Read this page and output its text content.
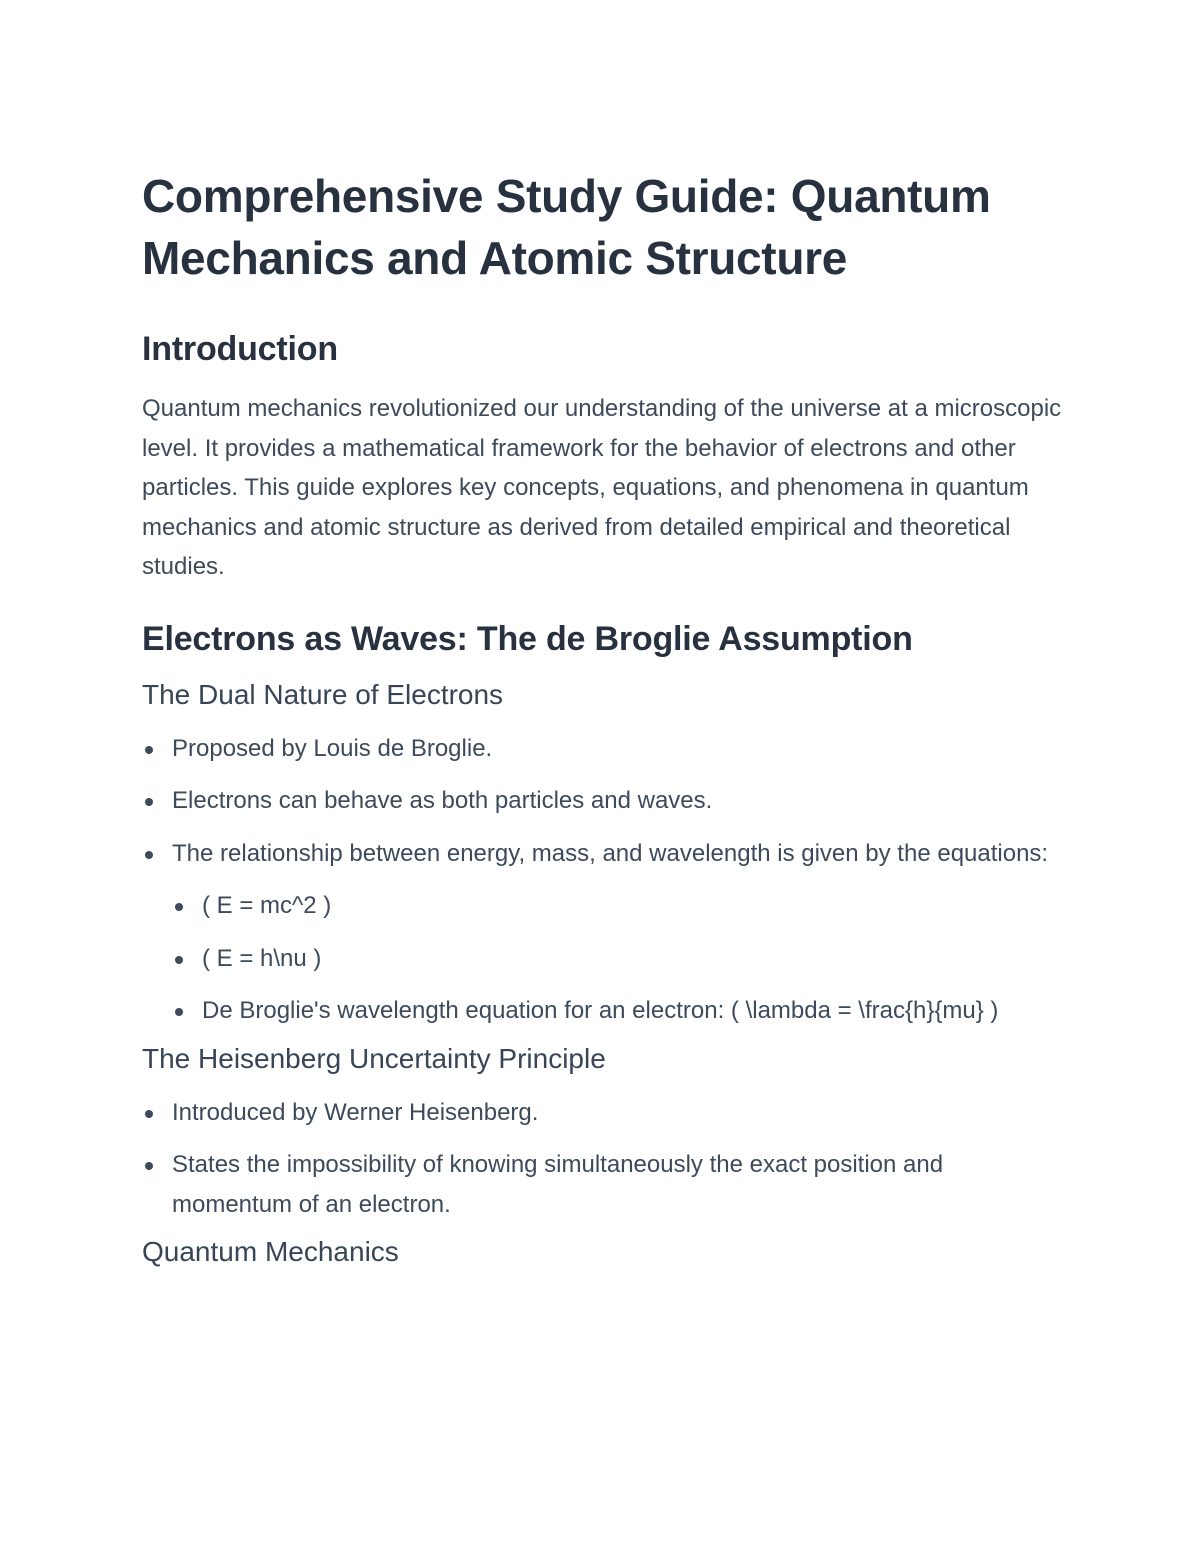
Comprehensive Study Guide: Quantum Mechanics and Atomic Structure
Introduction

Quantum mechanics revolutionized our understanding of the universe at a microscopic level. It provides a mathematical framework for the behavior of electrons and other particles. This guide explores key concepts, equations, and phenomena in quantum mechanics and atomic structure as derived from detailed empirical and theoretical studies.

Electrons as Waves: The de Broglie Assumption
The Dual Nature of Electrons
Proposed by Louis de Broglie.
Electrons can behave as both particles and waves.
The relationship between energy, mass, and wavelength is given by the equations:
( E = mc^2 )
( E = h\nu )
De Broglie's wavelength equation for an electron: ( \lambda = \frac{h}{mu} )
The Heisenberg Uncertainty Principle
Introduced by Werner Heisenberg.
States the impossibility of knowing simultaneously the exact position and momentum of an electron.
Quantum Mechanics
